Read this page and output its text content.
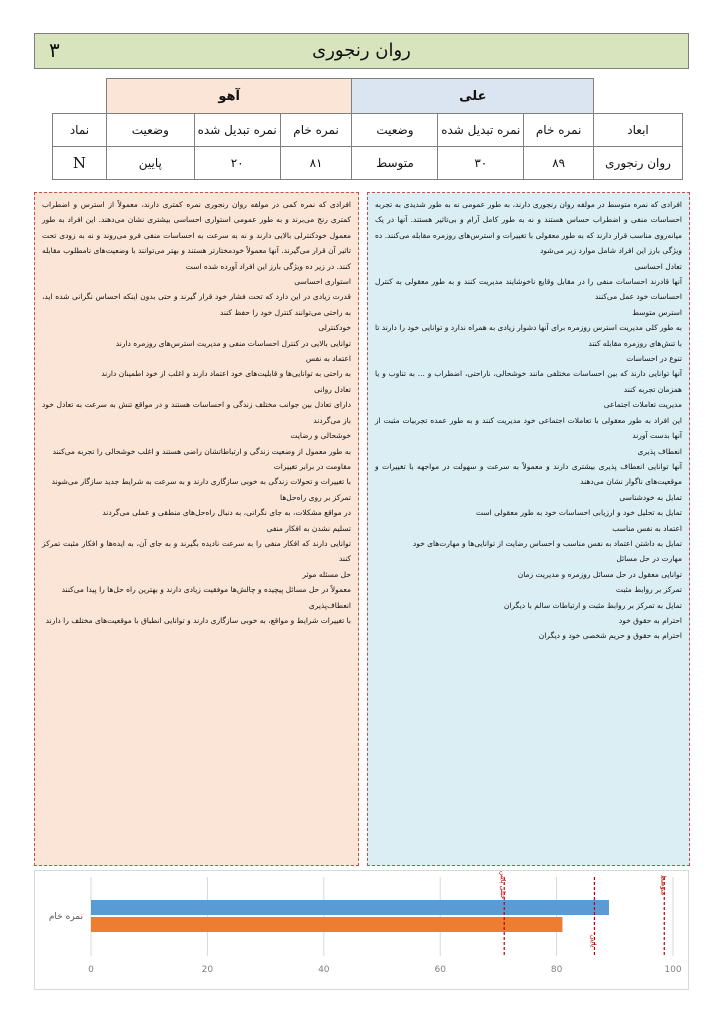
روان رنجوری
۳
	آهو			علی			
نماد	وضعیت	نمره تبدیل شده	نمره خام	وضعیت	نمره تبدیل شده	نمره خام	ابعاد
N	پایین	۲۰	۸۱	متوسط	۳۰	۸۹	روان رنجوری

افرادی که نمره کمی در مولفه روان رنجوری نمره کمتری دارند، معمولاً از استرس و اضطراب کمتری رنج می‌برند و به طور عمومی استواری احساسی بیشتری نشان می‌دهند. این افراد به طور معمول خودکنترلی بالایی دارند و نه به سرعت به احساسات منفی فرو می‌روند و نه به زودی تحت تاثیر آن قرار می‌گیرند. آنها معمولاً خودمختارتر هستند و بهتر می‌توانند با وضعیت‌های نامطلوب مقابله کنند. در زیر ده ویژگی بارز این افراد آورده شده است

استواری احساسی

قدرت زیادی در این دارد که تحت فشار خود قرار گیرند و حتی بدون اینکه احساس نگرانی شده اید، به راحتی می‌توانند کنترل خود را حفظ کنند

خودکنترلی

توانایی بالایی در کنترل احساسات منفی و مدیریت استرس‌های روزمره دارند

اعتماد به نفس

به راحتی به توانایی‌ها و قابلیت‌های خود اعتماد دارند و اغلب از خود اطمینان دارند

تعادل روانی

دارای تعادل بین جوانب مختلف زندگی و احساسات هستند و در مواقع تنش به سرعت به تعادل خود باز می‌گردند

خوشحالی و رضایت

به طور معمول از وضعیت زندگی و ارتباطاتشان راضی هستند و اغلب خوشحالی را تجربه می‌کنند

مقاومت در برابر تغییرات

با تغییرات و تحولات زندگی به خوبی سازگاری دارند و به سرعت به شرایط جدید سازگار می‌شوند

تمرکز بر روی راه‌حل‌ها

در مواقع مشکلات، به جای نگرانی، به دنبال راه‌حل‌های منطقی و عملی می‌گردند

تسلیم نشدن به افکار منفی

توانایی دارند که افکار منفی را به سرعت نادیده بگیرند و به جای آن، به ایده‌ها و افکار مثبت تمرکز کنند

حل مسئله موثر

معمولاً در حل مسائل پیچیده و چالش‌ها موفقیت زیادی دارند و بهترین راه حل‌ها را پیدا می‌کنند

انعطاف‌پذیری

با تغییرات شرایط و مواقع، به خوبی سازگاری دارند و توانایی انطباق با موقعیت‌های مختلف را دارند

افرادی که نمره متوسط در مولفه روان رنجوری دارند، به طور عمومی نه به طور شدیدی به تجربه احساسات منفی و اضطراب حساس هستند و نه به طور کامل آرام و بی‌تاثیر هستند. آنها در یک میانه‌روی مناسب قرار دارند که به طور معقولی با تغییرات و استرس‌های روزمره مقابله می‌کنند. ده ویژگی بارز این افراد شامل موارد زیر می‌شود

تعادل احساسی

آنها قادرند احساسات منفی را در مقابل وقایع ناخوشایند مدیریت کنند و به طور معقولی به کنترل احساسات خود عمل می‌کنند

استرس متوسط

به طور کلی مدیریت استرس روزمره برای آنها دشوار زیادی به همراه ندارد و توانایی خود را دارند تا با تنش‌های روزمره مقابله کنند

تنوع در احساسات

آنها توانایی دارند که بین احساسات مختلفی مانند خوشحالی، ناراحتی، اضطراب و ... به تناوب و یا همزمان تجربه کنند

مدیریت تعاملات اجتماعی

این افراد به طور معقولی با تعاملات اجتماعی خود مدیریت کنند و به طور عمده تجربیات مثبت از آنها بدست آورند

انعطاف پذیری

آنها توانایی انعطاف پذیری بیشتری دارند و معمولاً به سرعت و سهولت در مواجهه با تغییرات و موقعیت‌های ناگوار نشان می‌دهند

تمایل به خودشناسی

تمایل به تحلیل خود و ارزیابی احساسات خود به طور معقولی است

اعتماد به نفس مناسب

تمایل به داشتن اعتماد به نفس مناسب و احساس رضایت از توانایی‌ها و مهارت‌های خود

مهارت در حل مسائل

توانایی معقول در حل مسائل روزمره و مدیریت زمان

تمرکز بر روابط مثبت

تمایل به تمرکز بر روابط مثبت و ارتباطات سالم با دیگران

احترام به حقوق خود

احترام به حقوق و حریم شخصی خود و دیگران

0	20	40	60	80	100
نمره خام
خیلی پایین
پایین
متوسط
